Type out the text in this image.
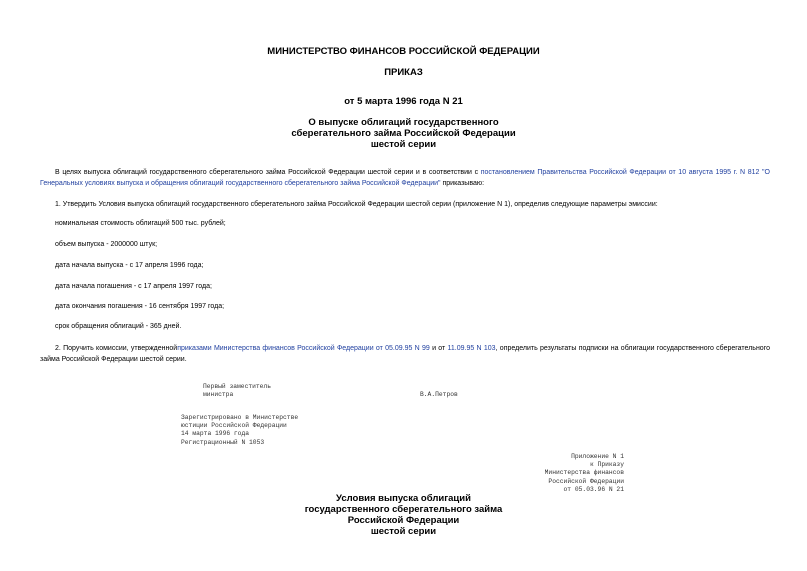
МИНИСТЕРСТВО ФИНАНСОВ РОССИЙСКОЙ ФЕДЕРАЦИИ
ПРИКАЗ
от 5 марта 1996 года N 21
О выпуске облигаций государственного
сберегательного займа Российской Федерации
шестой серии
В целях выпуска облигаций государственного сберегательного займа Российской Федерации шестой серии и в соответствии с постановлением Правительства Российской Федерации от 10 августа 1995 г. N 812 "О Генеральных условиях выпуска и обращения облигаций государственного сберегательного займа Российской Федерации" приказываю:
1. Утвердить Условия выпуска облигаций государственного сберегательного займа Российской Федерации шестой серии (приложение N 1), определив следующие параметры эмиссии:
номинальная стоимость облигаций 500 тыс. рублей;
объем выпуска - 2000000 штук;
дата начала выпуска - с 17 апреля 1996 года;
дата начала погашения - с 17 апреля 1997 года;
дата окончания погашения - 16 сентября 1997 года;
срок обращения облигаций - 365 дней.
2. Поручить комиссии, утвержденнойприказами Министерства финансов Российской Федерации от 05.09.95 N 99 и от 11.09.95 N 103, определить результаты подписки на облигации государственного сберегательного займа Российской Федерации шестой серии.
Первый заместитель
министра	В.А.Петров
Зарегистрировано в Министерстве
юстиции Российской Федерации
14 марта 1996 года
Регистрационный N 1053
Приложение N 1
к Приказу
Министерства финансов
Российской Федерации
от 05.03.96 N 21
Условия выпуска облигаций
государственного сберегательного займа
Российской Федерации
шестой серии
